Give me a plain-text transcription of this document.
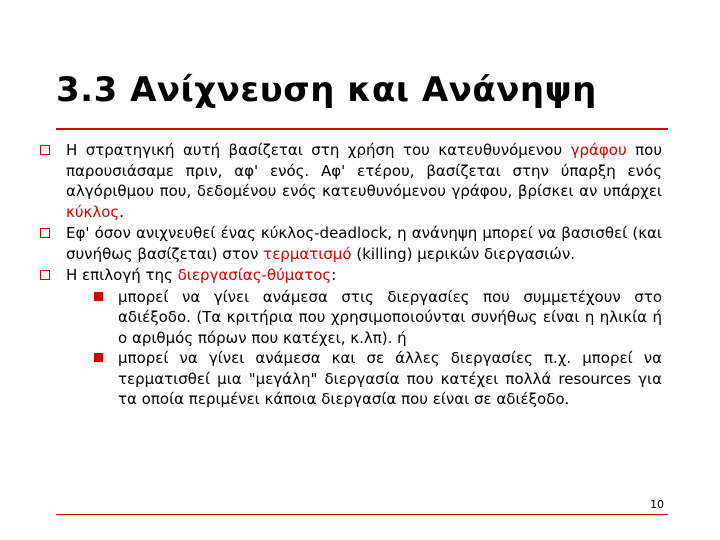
3.3 Ανίχνευση και Ανάνηψη
Η στρατηγική αυτή βασίζεται στη χρήση του κατευθυνόμενου γράφου που παρουσιάσαμε πριν, αφ' ενός. Αφ' ετέρου, βασίζεται στην ύπαρξη ενός αλγόριθμου που, δεδομένου ενός κατευθυνόμενου γράφου, βρίσκει αν υπάρχει κύκλος.
Εφ' όσον ανιχνευθεί ένας κύκλος-deadlock, η ανάνηψη μπορεί να βασισθεί (και συνήθως βασίζεται) στον τερματισμό (killing) μερικών διεργασιών.
Η επιλογή της διεργασίας-θύματος:
μπορεί να γίνει ανάμεσα στις διεργασίες που συμμετέχουν στο αδιέξοδο. (Τα κριτήρια που χρησιμοποιούνται συνήθως είναι η ηλικία ή ο αριθμός πόρων που κατέχει, κ.λπ). ή
μπορεί να γίνει ανάμεσα και σε άλλες διεργασίες π.χ. μπορεί να τερματισθεί μια "μεγάλη" διεργασία που κατέχει πολλά resources για τα οποία περιμένει κάποια διεργασία που είναι σε αδιέξοδο.
10
